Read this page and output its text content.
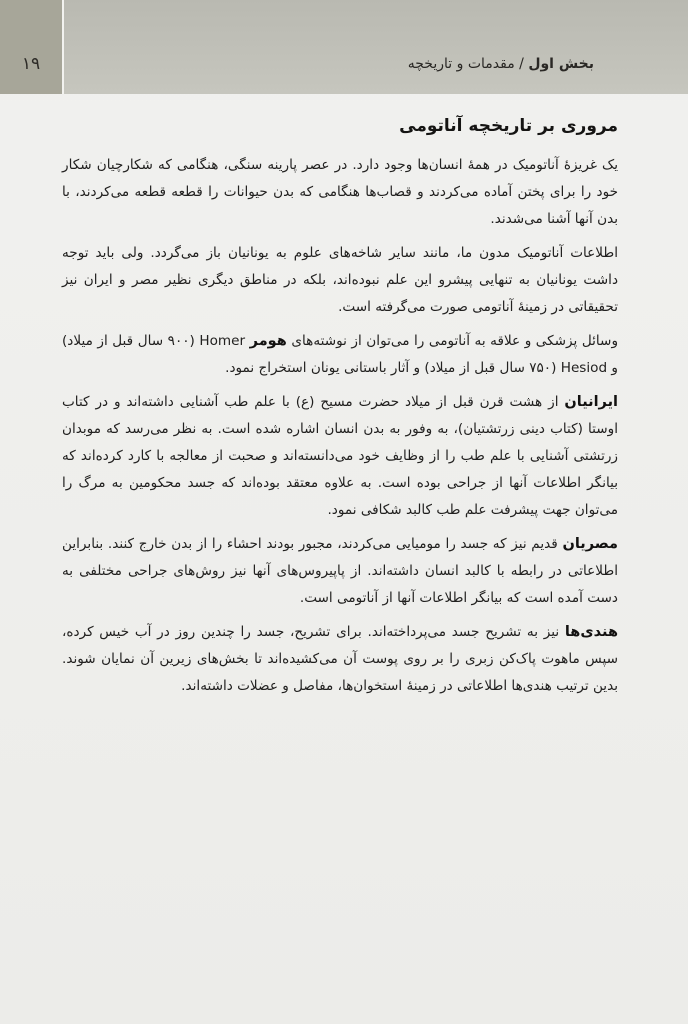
۱۹	بخش اول / مقدمات و تاریخچه
مروری بر تاریخچه آناتومی

یک غریزهٔ آناتومیک در همهٔ انسان‌ها وجود دارد. در عصر پارینه سنگی، هنگامی که شکارچیان شکار خود را برای پختن آماده می‌کردند و قصاب‌ها هنگامی که بدن حیوانات را قطعه قطعه می‌کردند، با بدن آنها آشنا می‌شدند.

اطلاعات آناتومیک مدون ما، مانند سایر شاخه‌های علوم به یونانیان باز می‌گردد. ولی باید توجه داشت یونانیان به تنهایی پیشرو این علم نبوده‌اند، بلکه در مناطق دیگری نظیر مصر و ایران نیز تحقیقاتی در زمینهٔ آناتومی صورت می‌گرفته است.

وسائل پزشکی و علاقه به آناتومی را می‌توان از نوشته‌های هومر Homer (۹۰۰ سال قبل از میلاد) و Hesiod (۷۵۰ سال قبل از میلاد) و آثار باستانی یونان استخراج نمود.

ایرانیان از هشت قرن قبل از میلاد حضرت مسیح (ع) با علم طب آشنایی داشته‌اند و در کتاب اوستا (کتاب دینی زرتشتیان)، به وفور به بدن انسان اشاره شده است. به نظر می‌رسد که موبدان زرتشتی آشنایی با علم طب را از وظایف خود می‌دانسته‌اند و صحبت از معالجه با کارد کرده‌اند که بیانگر اطلاعات آنها از جراحی بوده است. به علاوه معتقد بوده‌اند که جسد محکومین به مرگ را می‌توان جهت پیشرفت علم طب کالبد شکافی نمود.

مصریان قدیم نیز که جسد را مومیایی می‌کردند، مجبور بودند احشاء را از بدن خارج کنند. بنابراین اطلاعاتی در رابطه با کالبد انسان داشته‌اند. از پاپیروس‌های آنها نیز روش‌های جراحی مختلفی به دست آمده است که بیانگر اطلاعات آنها از آناتومی است.

هندی‌ها نیز به تشریح جسد می‌پرداخته‌اند. برای تشریح، جسد را چندین روز در آب خیس کرده، سپس ماهوت پاک‌کن زبری را بر روی پوست آن می‌کشیده‌اند تا بخش‌های زیرین آن نمایان شوند. بدین ترتیب هندی‌ها اطلاعاتی در زمینهٔ استخوان‌ها، مفاصل و عضلات داشته‌اند.
